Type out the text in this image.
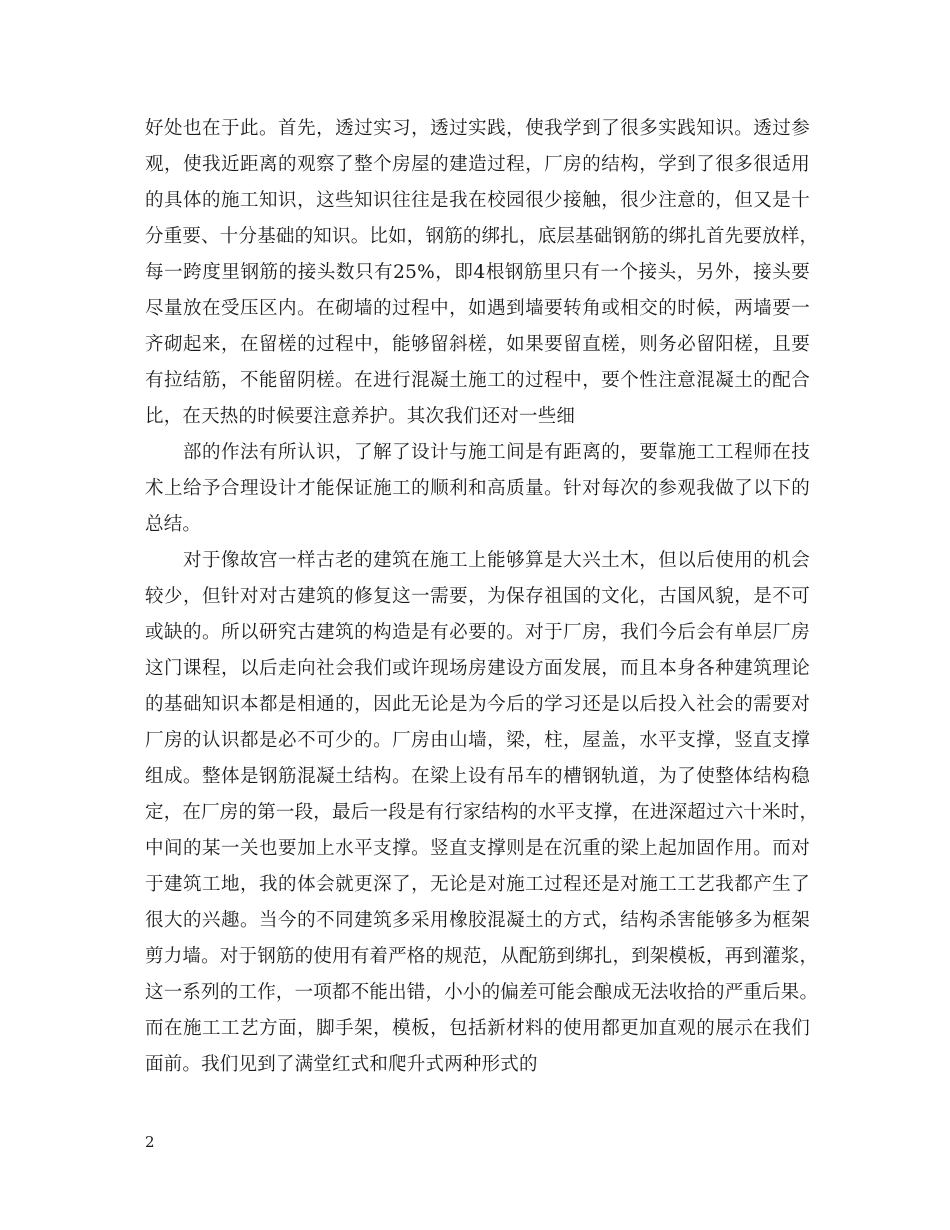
好处也在于此。首先，透过实习，透过实践，使我学到了很多实践知识。透过参
观，使我近距离的观察了整个房屋的建造过程，厂房的结构，学到了很多很适用
的具体的施工知识，这些知识往往是我在校园很少接触，很少注意的，但又是十
分重要、十分基础的知识。比如，钢筋的绑扎，底层基础钢筋的绑扎首先要放样，
每一跨度里钢筋的接头数只有25%，即4根钢筋里只有一个接头，另外，接头要
尽量放在受压区内。在砌墙的过程中，如遇到墙要转角或相交的时候，两墙要一
齐砌起来，在留槎的过程中，能够留斜槎，如果要留直槎，则务必留阳槎，且要
有拉结筋，不能留阴槎。在进行混凝土施工的过程中，要个性注意混凝土的配合
比，在天热的时候要注意养护。其次我们还对一些细
部的作法有所认识，了解了设计与施工间是有距离的，要靠施工工程师在技
术上给予合理设计才能保证施工的顺利和高质量。针对每次的参观我做了以下的
总结。
对于像故宫一样古老的建筑在施工上能够算是大兴土木，但以后使用的机会
较少，但针对对古建筑的修复这一需要，为保存祖国的文化，古国风貌，是不可
或缺的。所以研究古建筑的构造是有必要的。对于厂房，我们今后会有单层厂房
这门课程，以后走向社会我们或许现场房建设方面发展，而且本身各种建筑理论
的基础知识本都是相通的，因此无论是为今后的学习还是以后投入社会的需要对
厂房的认识都是必不可少的。厂房由山墙，梁，柱，屋盖，水平支撑，竖直支撑
组成。整体是钢筋混凝土结构。在梁上设有吊车的槽钢轨道，为了使整体结构稳
定，在厂房的第一段，最后一段是有行家结构的水平支撑，在进深超过六十米时，
中间的某一关也要加上水平支撑。竖直支撑则是在沉重的梁上起加固作用。而对
于建筑工地，我的体会就更深了，无论是对施工过程还是对施工工艺我都产生了
很大的兴趣。当今的不同建筑多采用橡胶混凝土的方式，结构杀害能够多为框架
剪力墙。对于钢筋的使用有着严格的规范，从配筋到绑扎，到架模板，再到灌浆，
这一系列的工作，一项都不能出错，小小的偏差可能会酿成无法收拾的严重后果。
而在施工工艺方面，脚手架，模板，包括新材料的使用都更加直观的展示在我们
面前。我们见到了满堂红式和爬升式两种形式的
2
